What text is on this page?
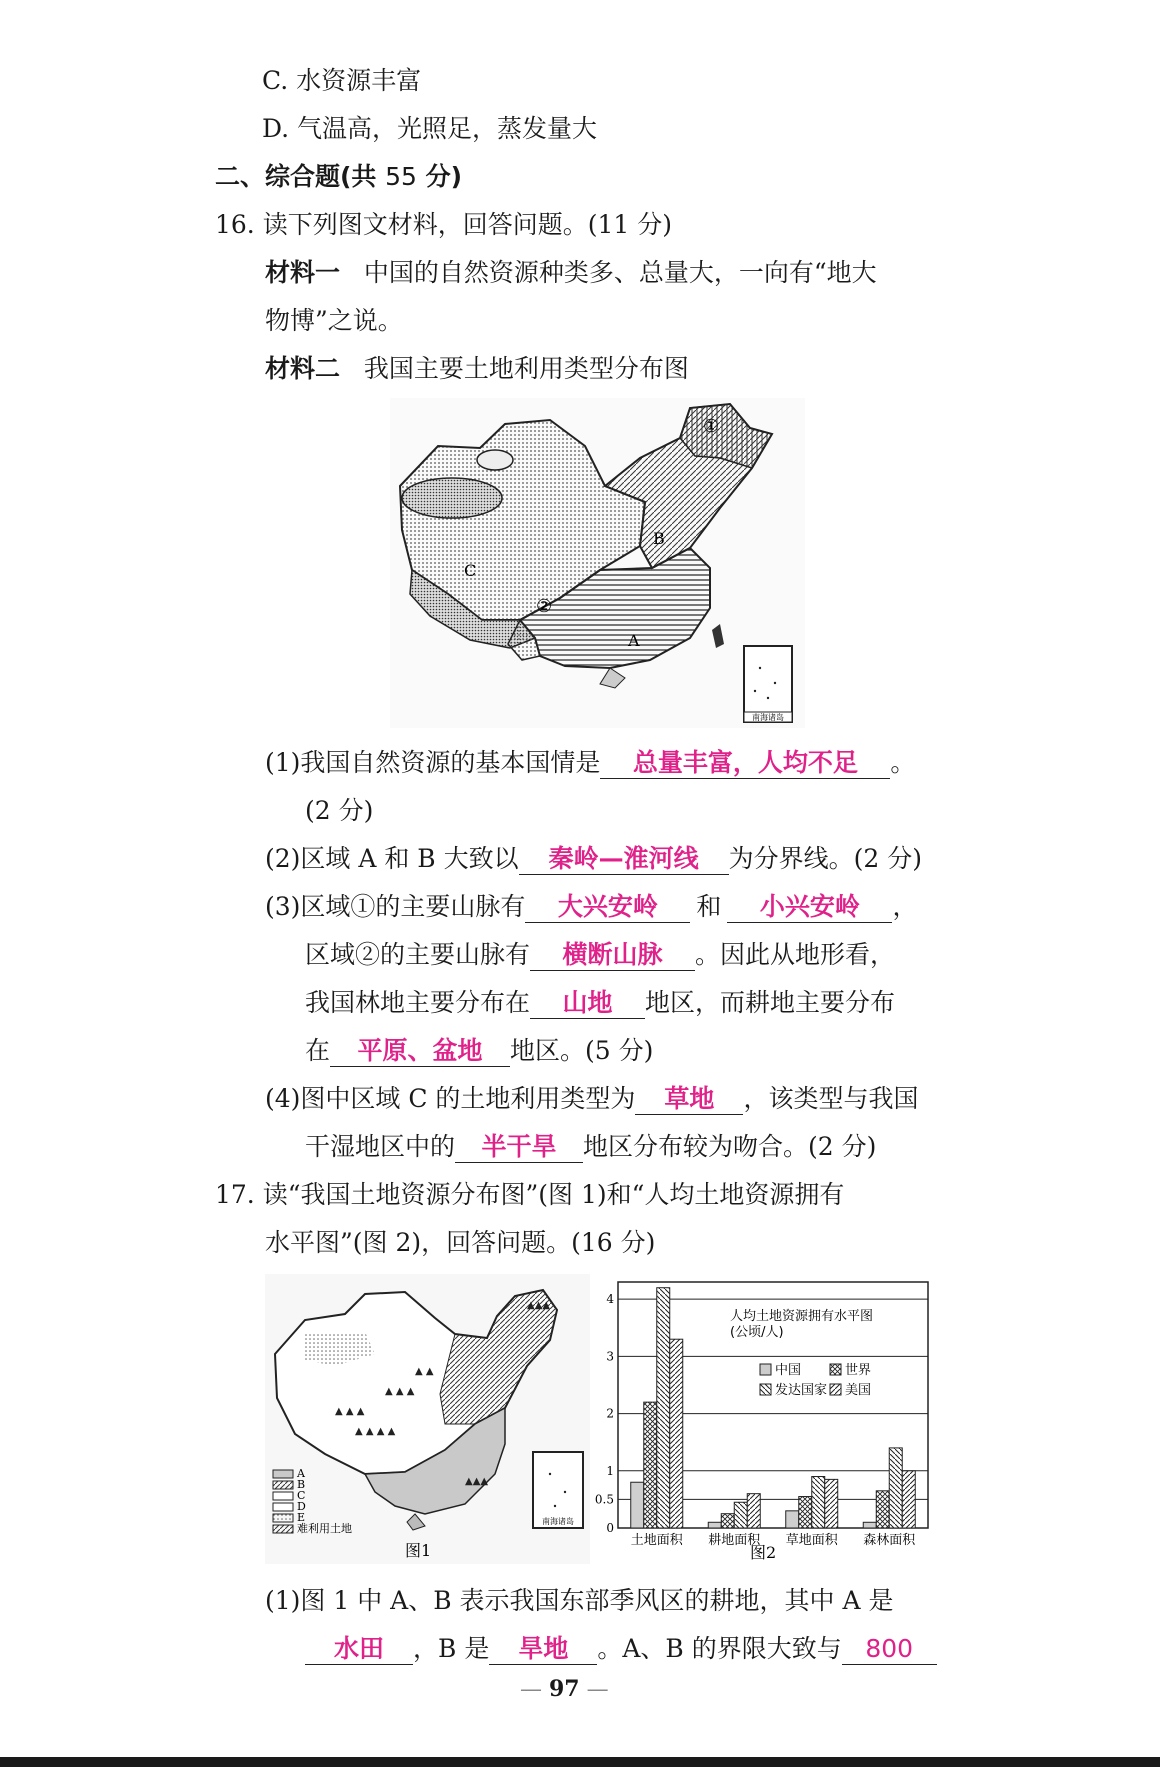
C. 水资源丰富
D. 气温高，光照足，蒸发量大
二、综合题(共 55 分)
16. 读下列图文材料，回答问题。(11 分)
材料一 中国的自然资源种类多、总量大，一向有“地大
物博”之说。
材料二 我国主要土地利用类型分布图
南海诸岛
①
②
A
B
C
(1)我国自然资源的基本国情是 总量丰富，人均不足 。
(2 分)
(2)区域 A 和 B 大致以 秦岭—淮河线 为分界线。(2 分)
(3)区域①的主要山脉有 大兴安岭 和 小兴安岭 ，
区域②的主要山脉有 横断山脉 。因此从地形看，
我国林地主要分布在 山地 地区，而耕地主要分布
在 平原、盆地 地区。(5 分)
(4)图中区域 C 的土地利用类型为 草地 ，该类型与我国
干湿地区中的 半干旱 地区分布较为吻合。(2 分)
17. 读“我国土地资源分布图”(图 1)和“人均土地资源拥有
水平图”(图 2)，回答问题。(16 分)
▲ ▲ ▲
▲ ▲ ▲ ▲
▲ ▲ ▲
▲ ▲
▲▲▲
▲▲▲
A
B
C
D
E
难利用土地
南海诸岛
图1
0
0.5
1
2
3
4
土地面积 耕地面积 草地面积 森林面积
人均土地资源拥有水平图
(公顷/人)
中国	世界
发达国家 美国
图2
(1)图 1 中 A、B 表示我国东部季风区的耕地，其中 A 是
水田 ，B 是 旱地 。A、B 的界限大致与 800
— 97 —
